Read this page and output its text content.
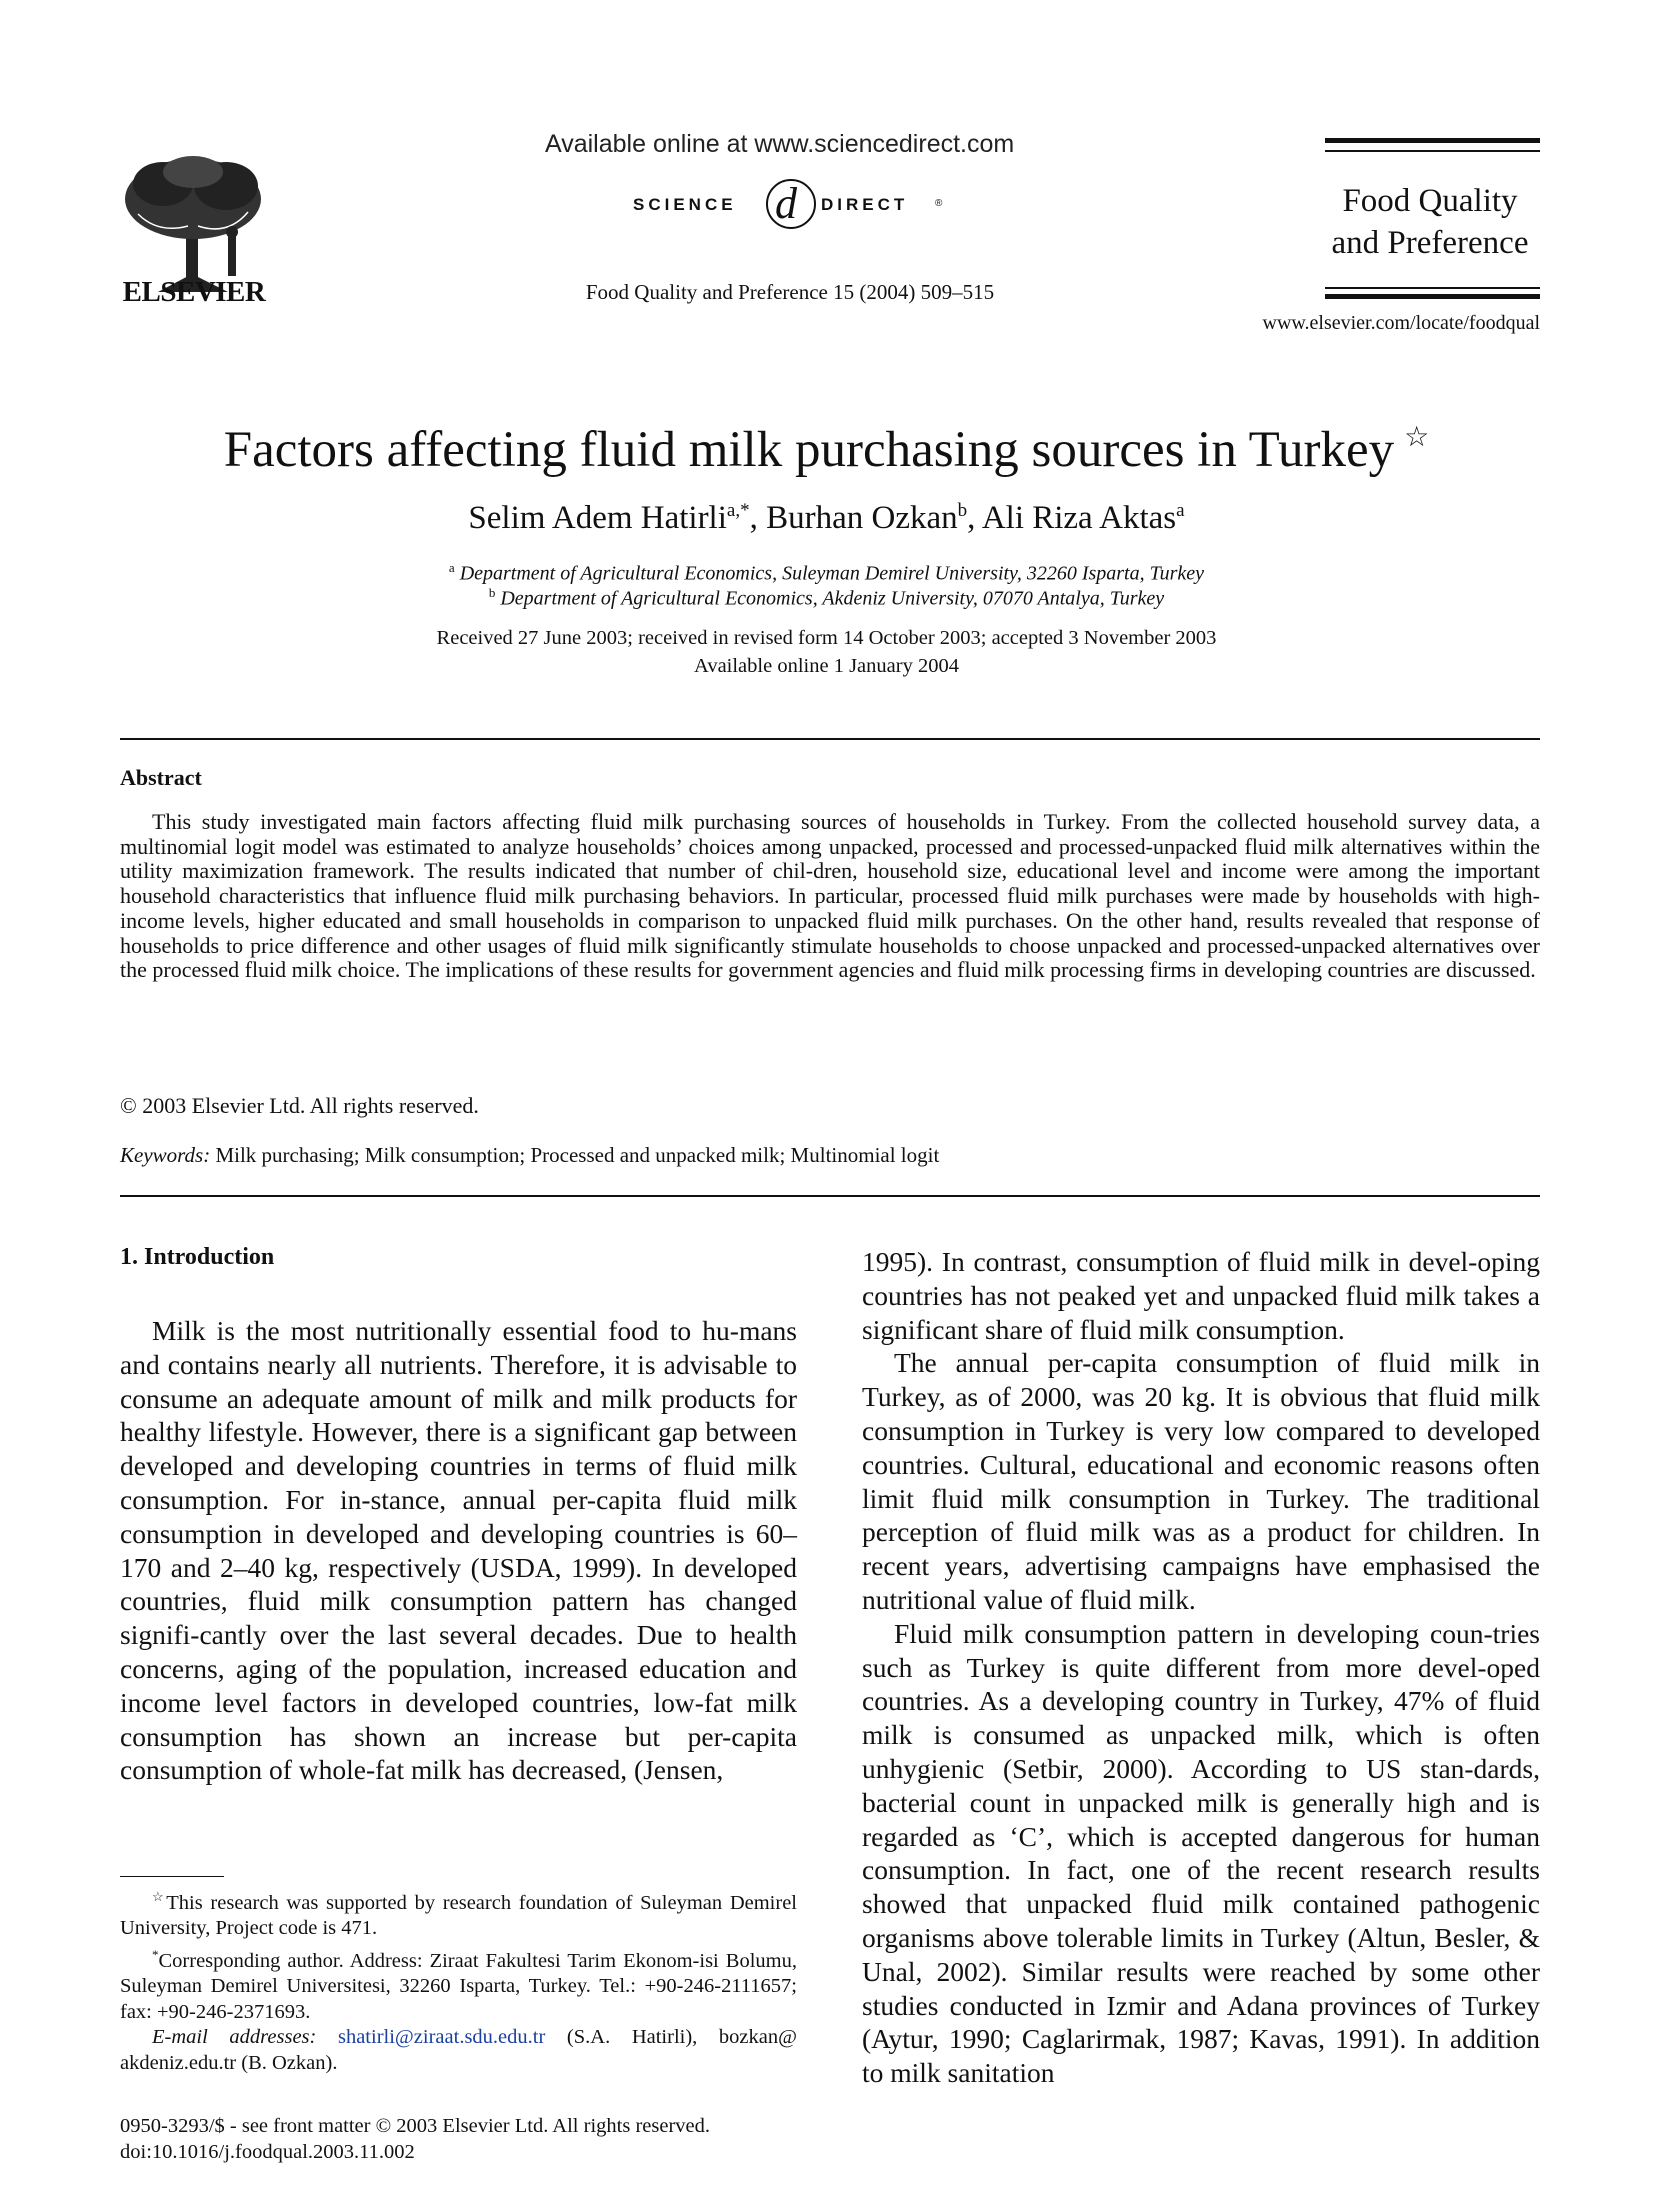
ELSEVIER
Available online at www.sciencedirect.com
SCIENCE d DIRECT	®
Food Quality and Preference 15 (2004) 509–515
Food Quality
and Preference
www.elsevier.com/locate/foodqual
Factors affecting fluid milk purchasing sources in Turkey ☆
Selim Adem Hatirli$^{a,*}$, Burhan Ozkan$^b$, Ali Riza Aktas$^a$
$^a$ Department of Agricultural Economics, Suleyman Demirel University, 32260 Isparta, Turkey
$^b$ Department of Agricultural Economics, Akdeniz University, 07070 Antalya, Turkey
Received 27 June 2003; received in revised form 14 October 2003; accepted 3 November 2003
Available online 1 January 2004
Abstract
This study investigated main factors affecting fluid milk purchasing sources of households in Turkey. From the collected household survey data, a multinomial logit model was estimated to analyze households’ choices among unpacked, processed and processed-unpacked fluid milk alternatives within the utility maximization framework. The results indicated that number of chil-dren, household size, educational level and income were among the important household characteristics that influence fluid milk purchasing behaviors. In particular, processed fluid milk purchases were made by households with high-income levels, higher educated and small households in comparison to unpacked fluid milk purchases. On the other hand, results revealed that response of households to price difference and other usages of fluid milk significantly stimulate households to choose unpacked and processed-unpacked alternatives over the processed fluid milk choice. The implications of these results for government agencies and fluid milk processing firms in developing countries are discussed.
© 2003 Elsevier Ltd. All rights reserved.
Keywords: Milk purchasing; Milk consumption; Processed and unpacked milk; Multinomial logit
1. Introduction

Milk is the most nutritionally essential food to hu-mans and contains nearly all nutrients. Therefore, it is advisable to consume an adequate amount of milk and milk products for healthy lifestyle. However, there is a significant gap between developed and developing countries in terms of fluid milk consumption. For in-stance, annual per-capita fluid milk consumption in developed and developing countries is 60–170 and 2–40 kg, respectively (USDA, 1999). In developed countries, fluid milk consumption pattern has changed signifi-cantly over the last several decades. Due to health concerns, aging of the population, increased education and income level factors in developed countries, low-fat milk consumption has shown an increase but per-capita consumption of whole-fat milk has decreased, (Jensen,

1995). In contrast, consumption of fluid milk in devel-oping countries has not peaked yet and unpacked fluid milk takes a significant share of fluid milk consumption.

The annual per-capita consumption of fluid milk in Turkey, as of 2000, was 20 kg. It is obvious that fluid milk consumption in Turkey is very low compared to developed countries. Cultural, educational and economic reasons often limit fluid milk consumption in Turkey. The traditional perception of fluid milk was as a product for children. In recent years, advertising campaigns have emphasised the nutritional value of fluid milk.

Fluid milk consumption pattern in developing coun-tries such as Turkey is quite different from more devel-oped countries. As a developing country in Turkey, 47% of fluid milk is consumed as unpacked milk, which is often unhygienic (Setbir, 2000). According to US stan-dards, bacterial count in unpacked milk is generally high and is regarded as ‘C’, which is accepted dangerous for human consumption. In fact, one of the recent research results showed that unpacked fluid milk contained pathogenic organisms above tolerable limits in Turkey (Altun, Besler, & Unal, 2002). Similar results were reached by some other studies conducted in Izmir and Adana provinces of Turkey (Aytur, 1990; Caglarirmak, 1987; Kavas, 1991). In addition to milk sanitation

☆This research was supported by research foundation of Suleyman Demirel University, Project code is 471.

*Corresponding author. Address: Ziraat Fakultesi Tarim Ekonom-isi Bolumu, Suleyman Demirel Universitesi, 32260 Isparta, Turkey. Tel.: +90-246-2111657; fax: +90-246-2371693.

E-mail addresses: shatirli@ziraat.sdu.edu.tr (S.A. Hatirli), bozkan@ akdeniz.edu.tr (B. Ozkan).

0950-3293/$ - see front matter © 2003 Elsevier Ltd. All rights reserved.
doi:10.1016/j.foodqual.2003.11.002
